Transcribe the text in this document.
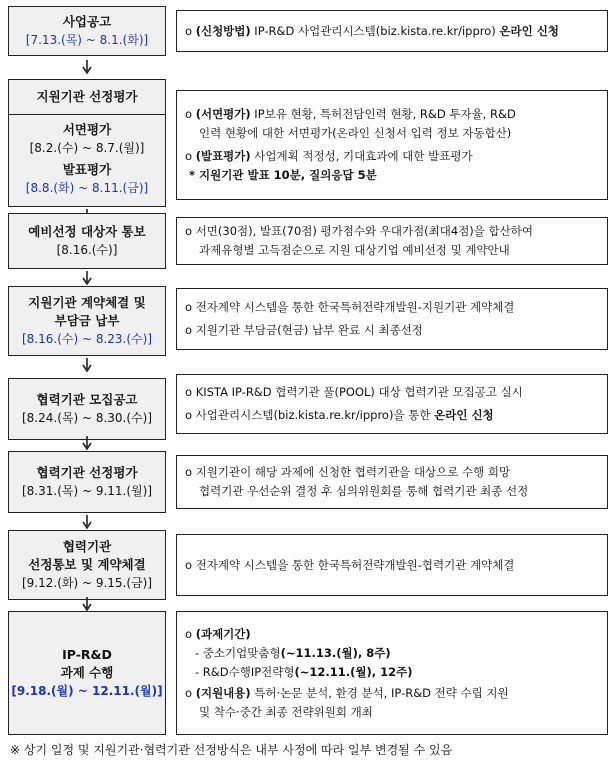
사업공고
[7.13.(목) ~ 8.1.(화)]
o (신청방법) IP-R&D 사업관리시스템(biz.kista.re.kr/ippro) 온라인 신청
지원기관 선정평가
서면평가
[8.2.(수) ~ 8.7.(월)]
발표평가
[8.8.(화) ~ 8.11.(금)]
o (서면평가) IP보유 현황, 특허전담인력 현황, R&D 투자율, R&D
인력 현황에 대한 서면평가(온라인 신청서 입력 정보 자동합산)
o (발표평가) 사업계획 적정성, 기대효과에 대한 발표평가
* 지원기관 발표 10분, 질의응답 5분
예비선정 대상자 통보
[8.16.(수)]
o 서면(30점), 발표(70점) 평가점수와 우대가점(최대4점)을 합산하여
과제유형별 고득점순으로 지원 대상기업 예비선정 및 계약안내
지원기관 계약체결 및
부담금 납부
[8.16.(수) ~ 8.23.(수)]
o 전자계약 시스템을 통한 한국특허전략개발원-지원기관 계약체결
o 지원기관 부담금(현금) 납부 완료 시 최종선정
협력기관 모집공고
[8.24.(목) ~ 8.30.(수)]
o KISTA IP-R&D 협력기관 풀(POOL) 대상 협력기관 모집공고 실시
o 사업관리시스템(biz.kista.re.kr/ippro)을 통한 온라인 신청
협력기관 선정평가
[8.31.(목) ~ 9.11.(월)]
o 지원기관이 해당 과제에 신청한 협력기관을 대상으로 수행 희망
협력기관 우선순위 결정 후 심의위원회를 통해 협력기관 최종 선정
협력기관
선정통보 및 계약체결
[9.12.(화) ~ 9.15.(금)]
o 전자계약 시스템을 통한 한국특허전략개발원-협력기관 계약체결
IP-R&D
과제 수행
[9.18.(월) ~ 12.11.(월)]
o (과제기간)
- 중소기업맞춤형(~11.13.(월), 8주)
- R&D수행IP전략형(~12.11.(월), 12주)
o (지원내용) 특허·논문 분석, 환경 분석, IP-R&D 전략 수립 지원
및 착수·중간 최종 전략위원회 개최
※ 상기 일정 및 지원기관·협력기관 선정방식은 내부 사정에 따라 일부 변경될 수 있음
